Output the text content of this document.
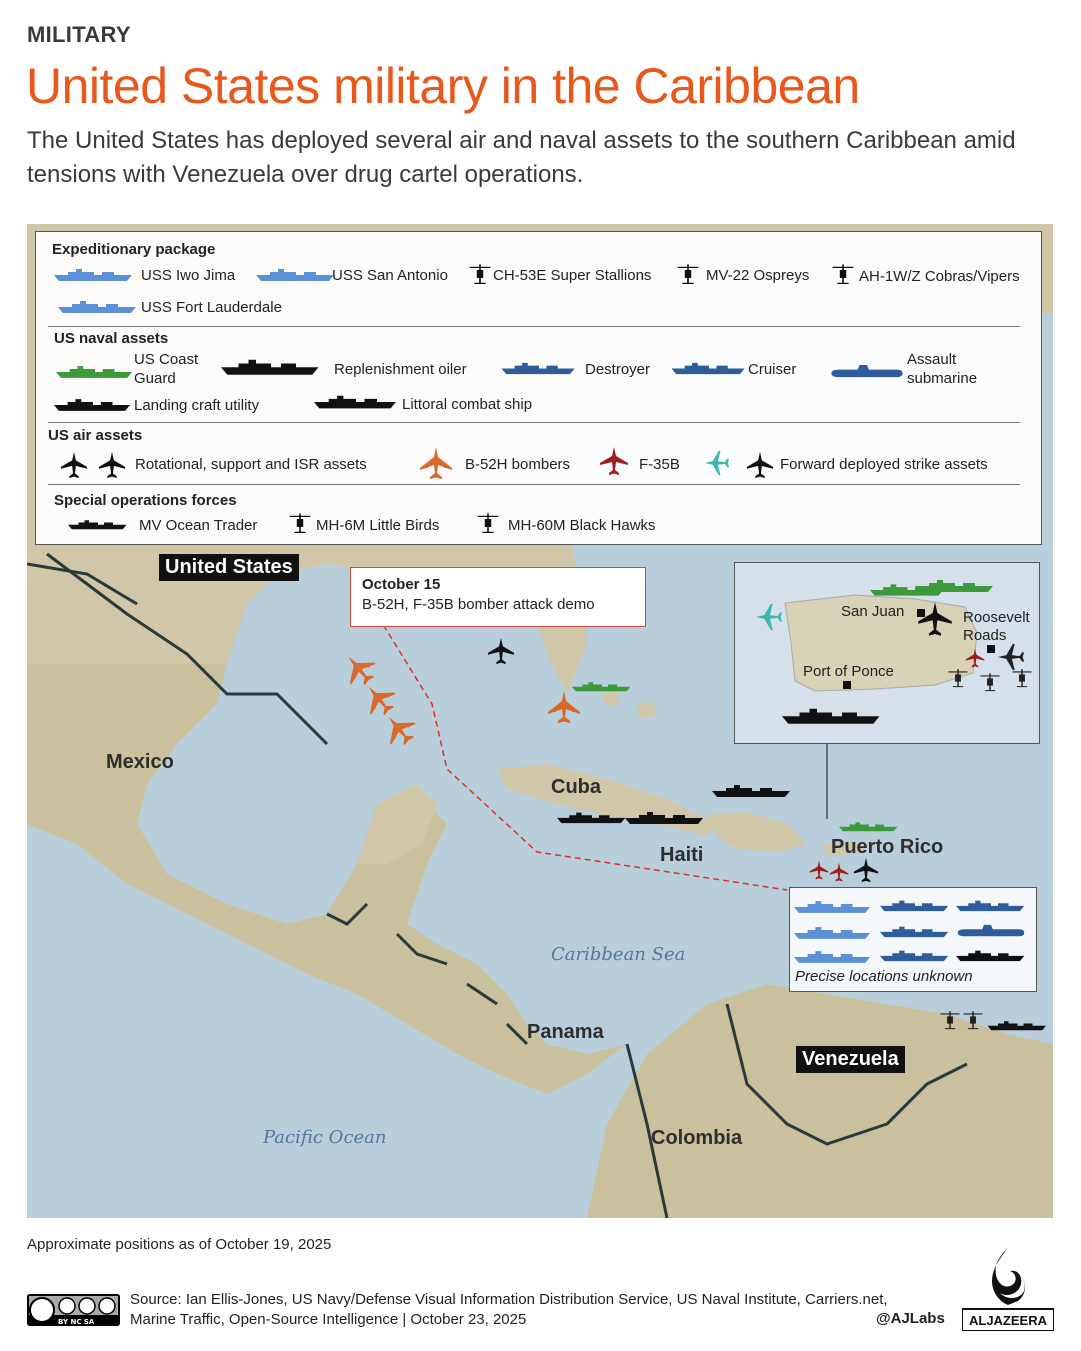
MILITARY
United States military in the Caribbean
The United States has deployed several air and naval assets to the southern Caribbean amid tensions with Venezuela over drug cartel operations.
United States
Mexico
Cuba
Haiti	Puerto Rico
Panama
Venezuela
Colombia
Caribbean Sea
Pacific Ocean
October 15
B-52H, F-35B bomber attack demo	San Juan	Roosevelt Roads
Port of Ponce
Precise locations unknown
Expeditionary package
USS Iwo Jima	USS San Antonio	CH-53E Super Stallions	MV-22 Ospreys	AH-1W/Z Cobras/Vipers
USS Fort Lauderdale
US naval assets
US Coast Guard
Replenishment oiler	Destroyer	Cruiser
Assault submarine
Landing craft utility	Littoral combat ship
US air assets
Rotational, support and ISR assets	B-52H bombers	F-35B	Forward deployed strike assets
Special operations forces
MV Ocean Trader	MH-6M Little Birds	MH-60M Black Hawks
Approximate positions as of October 19, 2025
BY NC SA
Source: Ian Ellis-Jones, US Navy/Defense Visual Information Distribution Service, US Naval Institute, Carriers.net, Marine Traffic, Open-Source Intelligence | October 23, 2025	@AJLabs ALJAZEERA
